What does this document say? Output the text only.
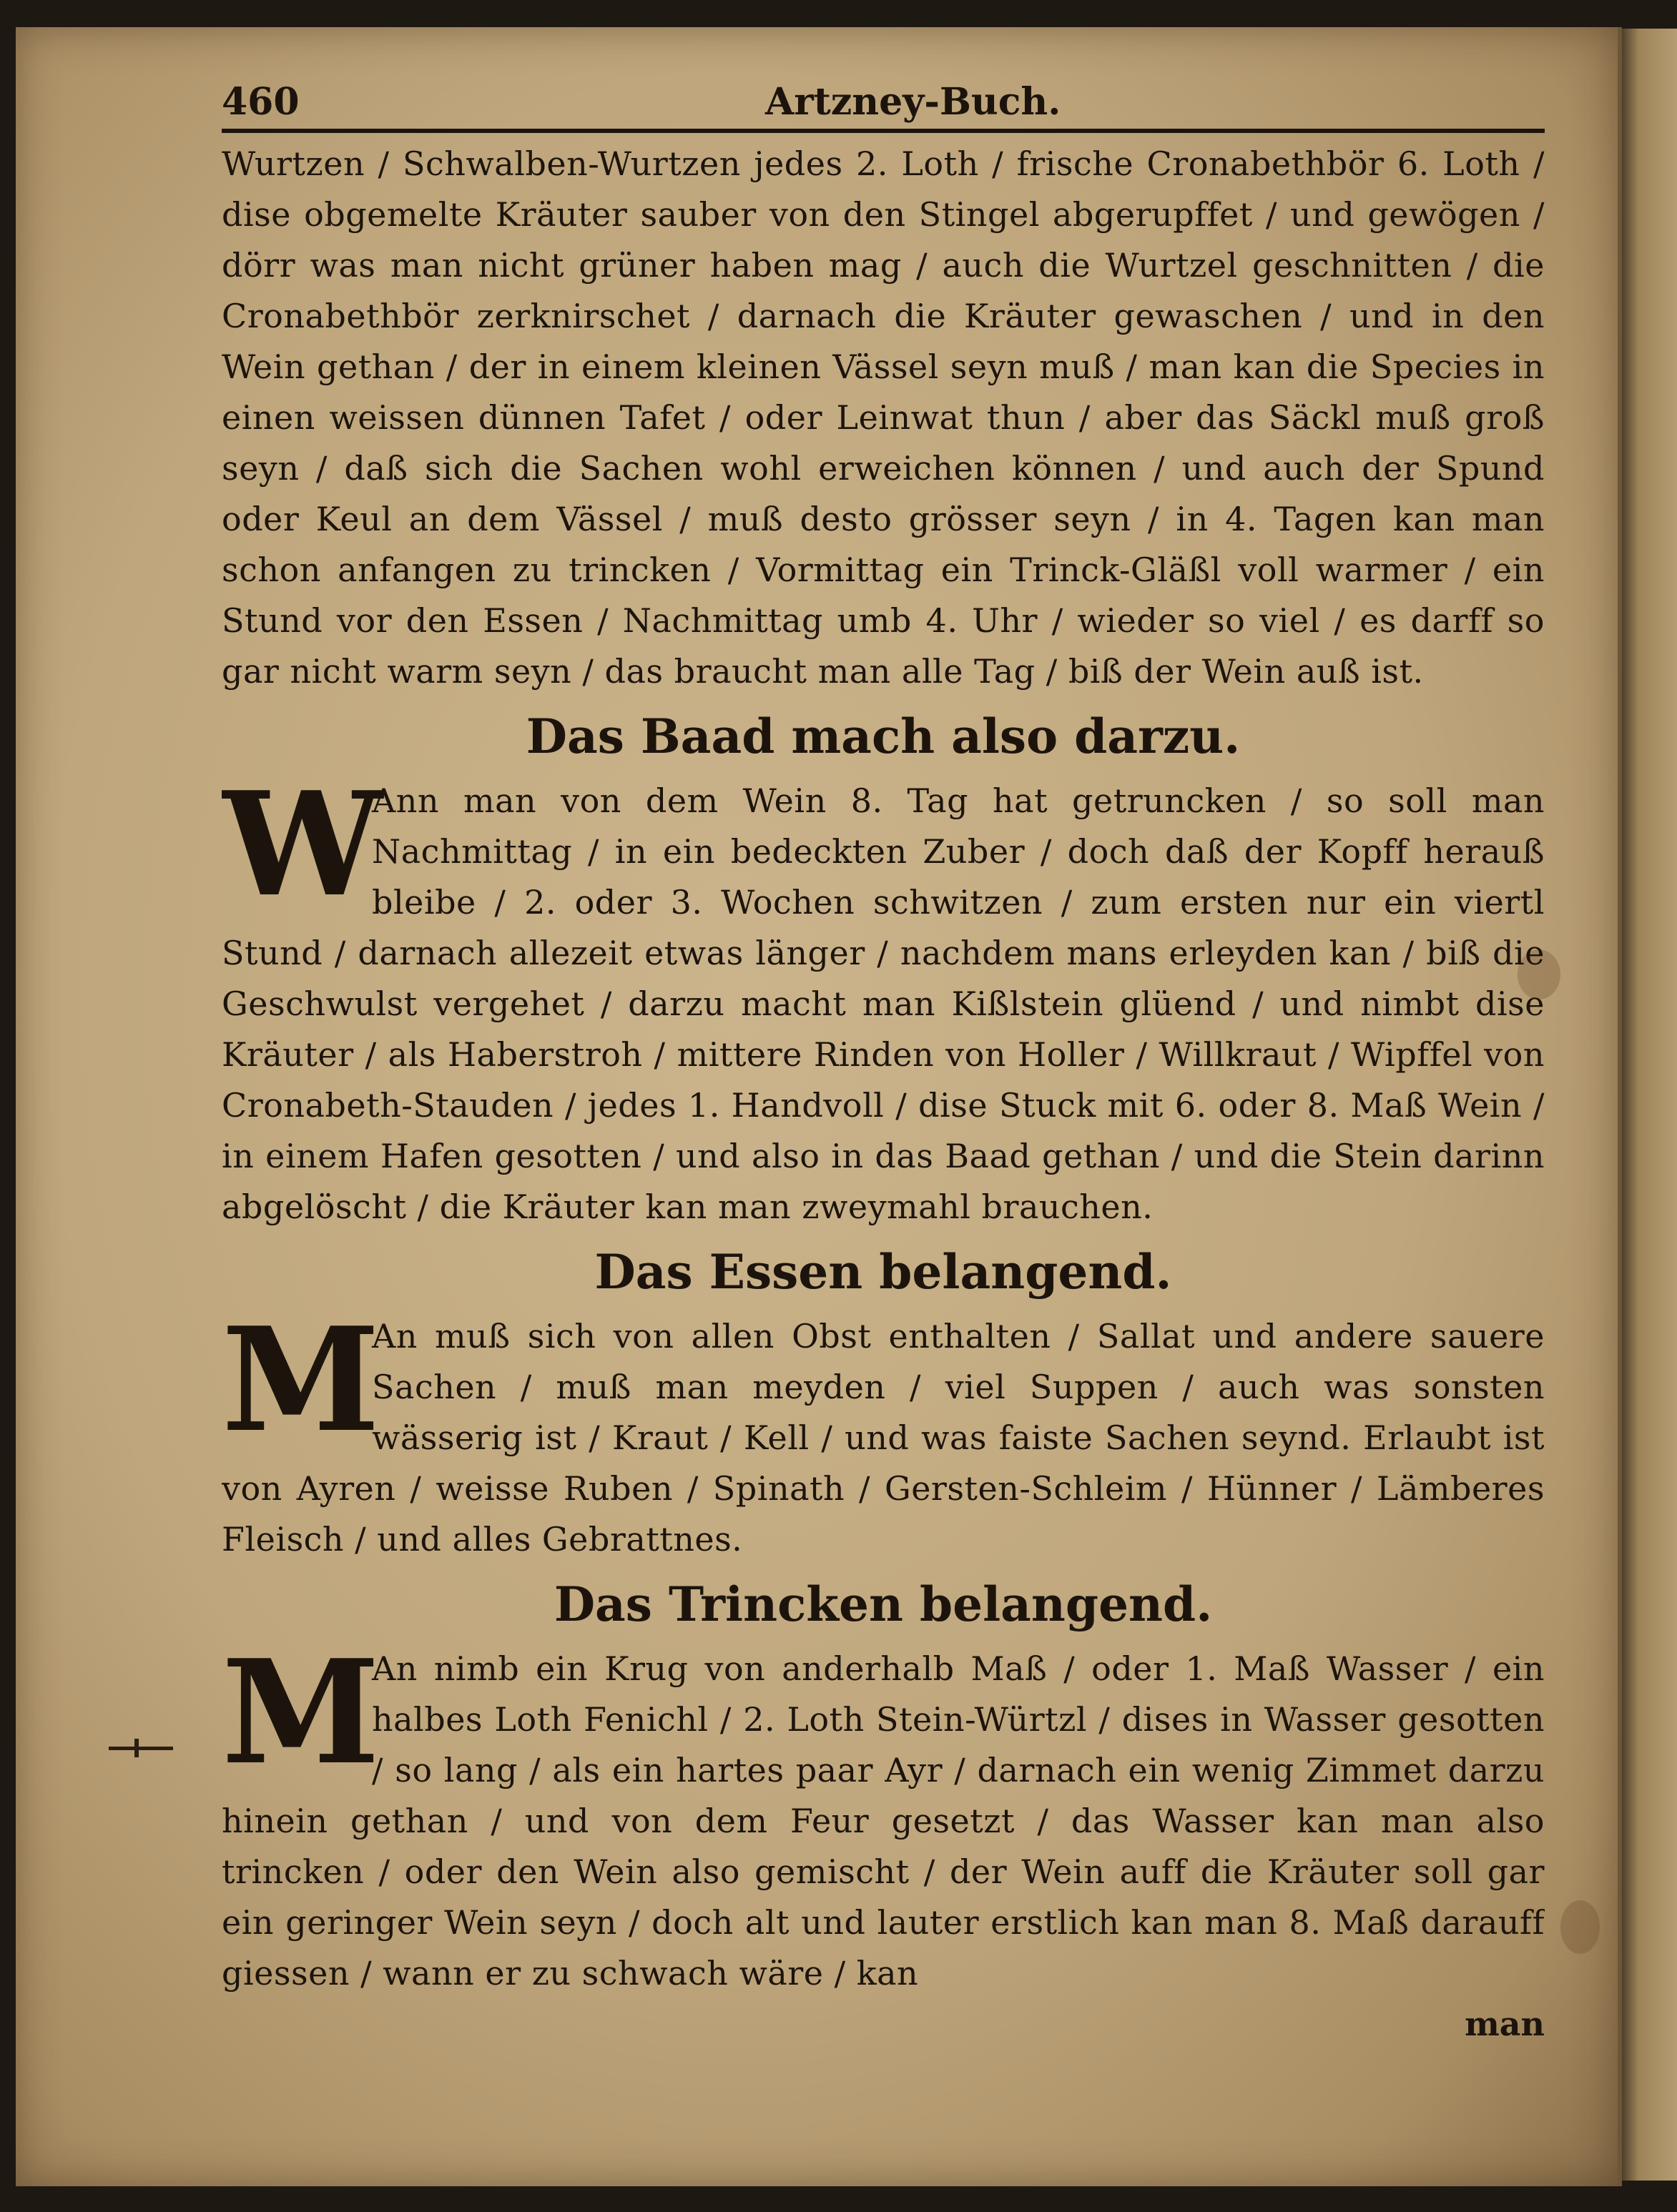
460	Artzney-Buch.

Wurtzen / Schwalben-Wurtzen jedes 2. Loth / frische Cronabethbör 6. Loth / dise obgemelte Kräuter sauber von den Stingel abgerupffet / und gewögen / dörr was man nicht grüner haben mag / auch die Wurtzel geschnitten / die Cronabethbör zerknirschet / darnach die Kräuter gewaschen / und in den Wein gethan / der in einem kleinen Vässel seyn muß / man kan die Species in einen weissen dünnen Tafet / oder Leinwat thun / aber das Säckl muß groß seyn / daß sich die Sachen wohl erweichen können / und auch der Spund oder Keul an dem Vässel / muß desto grösser seyn / in 4. Tagen kan man schon anfangen zu trincken / Vormittag ein Trinck-Gläßl voll warmer / ein Stund vor den Essen / Nachmittag umb 4. Uhr / wieder so viel / es darff so gar nicht warm seyn / das braucht man alle Tag / biß der Wein auß ist.

Das Baad mach also darzu.
W

Ann man von dem Wein 8. Tag hat getruncken / so soll man Nachmittag / in ein bedeckten Zuber / doch daß der Kopff herauß bleibe / 2. oder 3. Wochen schwitzen / zum ersten nur ein viertl Stund / darnach allezeit etwas länger / nachdem mans erleyden kan / biß die Geschwulst vergehet / darzu macht man Kißlstein glüend / und nimbt dise Kräuter / als Haberstroh / mittere Rinden von Holler / Willkraut / Wipffel von Cronabeth-Stauden / jedes 1. Handvoll / dise Stuck mit 6. oder 8. Maß Wein / in einem Hafen gesotten / und also in das Baad gethan / und die Stein darinn abgelöscht / die Kräuter kan man zweymahl brauchen.

Das Essen belangend.
M

An muß sich von allen Obst enthalten / Sallat und andere sauere Sachen / muß man meyden / viel Suppen / auch was sonsten wässerig ist / Kraut / Kell / und was faiste Sachen seynd. Erlaubt ist von Ayren / weisse Ruben / Spinath / Gersten-Schleim / Hünner / Lämberes Fleisch / und alles Gebrattnes.

Das Trincken belangend.
M

An nimb ein Krug von anderhalb Maß / oder 1. Maß Wasser / ein halbes Loth Fenichl / 2. Loth Stein-Würtzl / dises in Wasser gesotten / so lang / als ein hartes paar Ayr / darnach ein wenig Zimmet darzu hinein gethan / und von dem Feur gesetzt / das Wasser kan man also trincken / oder den Wein also gemischt / der Wein auff die Kräuter soll gar ein geringer Wein seyn / doch alt und lauter erstlich kan man 8. Maß darauff giessen / wann er zu schwach wäre / kan

man
